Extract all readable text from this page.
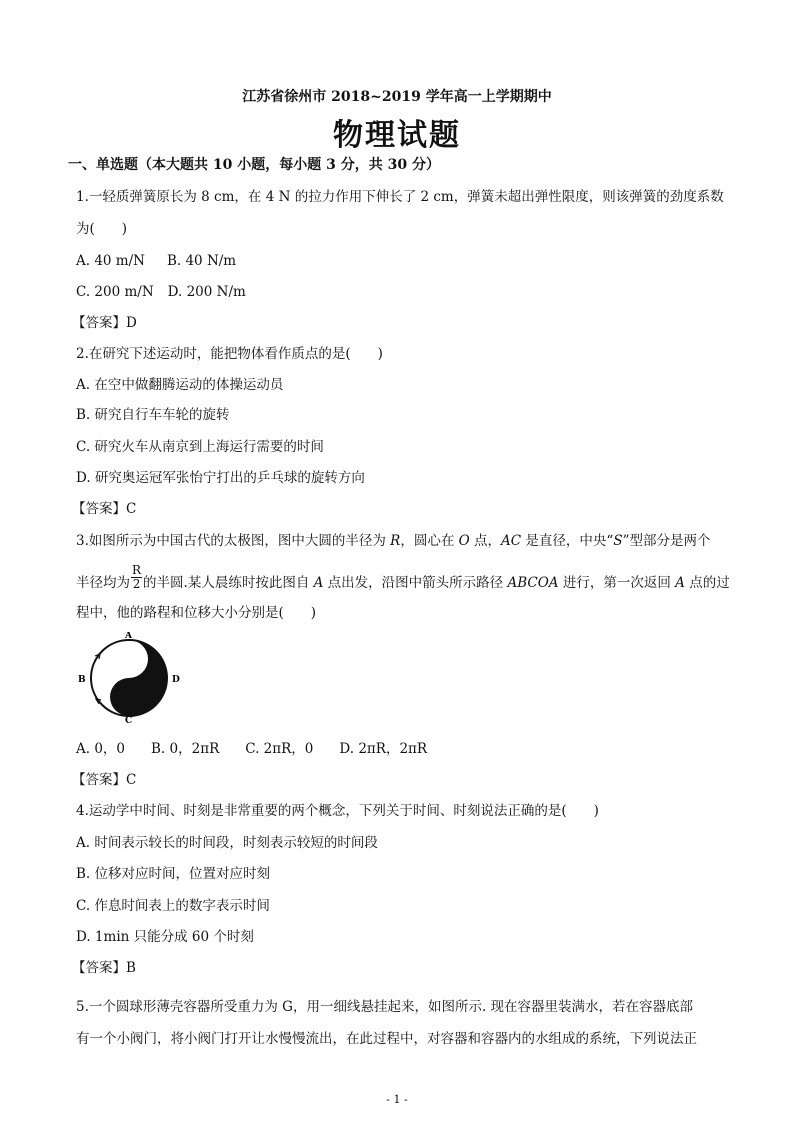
江苏省徐州市 2018~2019 学年高一上学期期中
物理试题
一、单选题（本大题共 10 小题，每小题 3 分，共 30 分）
1.一轻质弹簧原长为 8 cm，在 4 N 的拉力作用下伸长了 2 cm，弹簧未超出弹性限度，则该弹簧的劲度系数
为(　　)
A. 40 m/N B. 40 N/m
C. 200 m/N D. 200 N/m
【答案】D
2.在研究下述运动时，能把物体看作质点的是(　　)
A. 在空中做翻腾运动的体操运动员
B. 研究自行车车轮的旋转
C. 研究火车从南京到上海运行需要的时间
D. 研究奥运冠军张怡宁打出的乒乓球的旋转方向
【答案】C
3.如图所示为中国古代的太极图，图中大圆的半径为 R，圆心在 O 点，AC 是直径，中央“S”型部分是两个
半径均为 $\frac{R}{2}$ 的半圆.某人晨练时按此图自 A 点出发，沿图中箭头所示路径 ABCOA 进行，第一次返回 A 点的过
程中，他的路程和位移大小分别是(　　)
A
B
C
D
A. 0，0 B. 0，2πR C. 2πR，0 D. 2πR，2πR
【答案】C
4.运动学中时间、时刻是非常重要的两个概念，下列关于时间、时刻说法正确的是(　　)
A. 时间表示较长的时间段，时刻表示较短的时间段
B. 位移对应时间，位置对应时刻
C. 作息时间表上的数字表示时间
D. 1min 只能分成 60 个时刻
【答案】B
5.一个圆球形薄壳容器所受重力为 G，用一细线悬挂起来，如图所示. 现在容器里装满水，若在容器底部
有一个小阀门，将小阀门打开让水慢慢流出，在此过程中，对容器和容器内的水组成的系统，下列说法正
- 1 -
